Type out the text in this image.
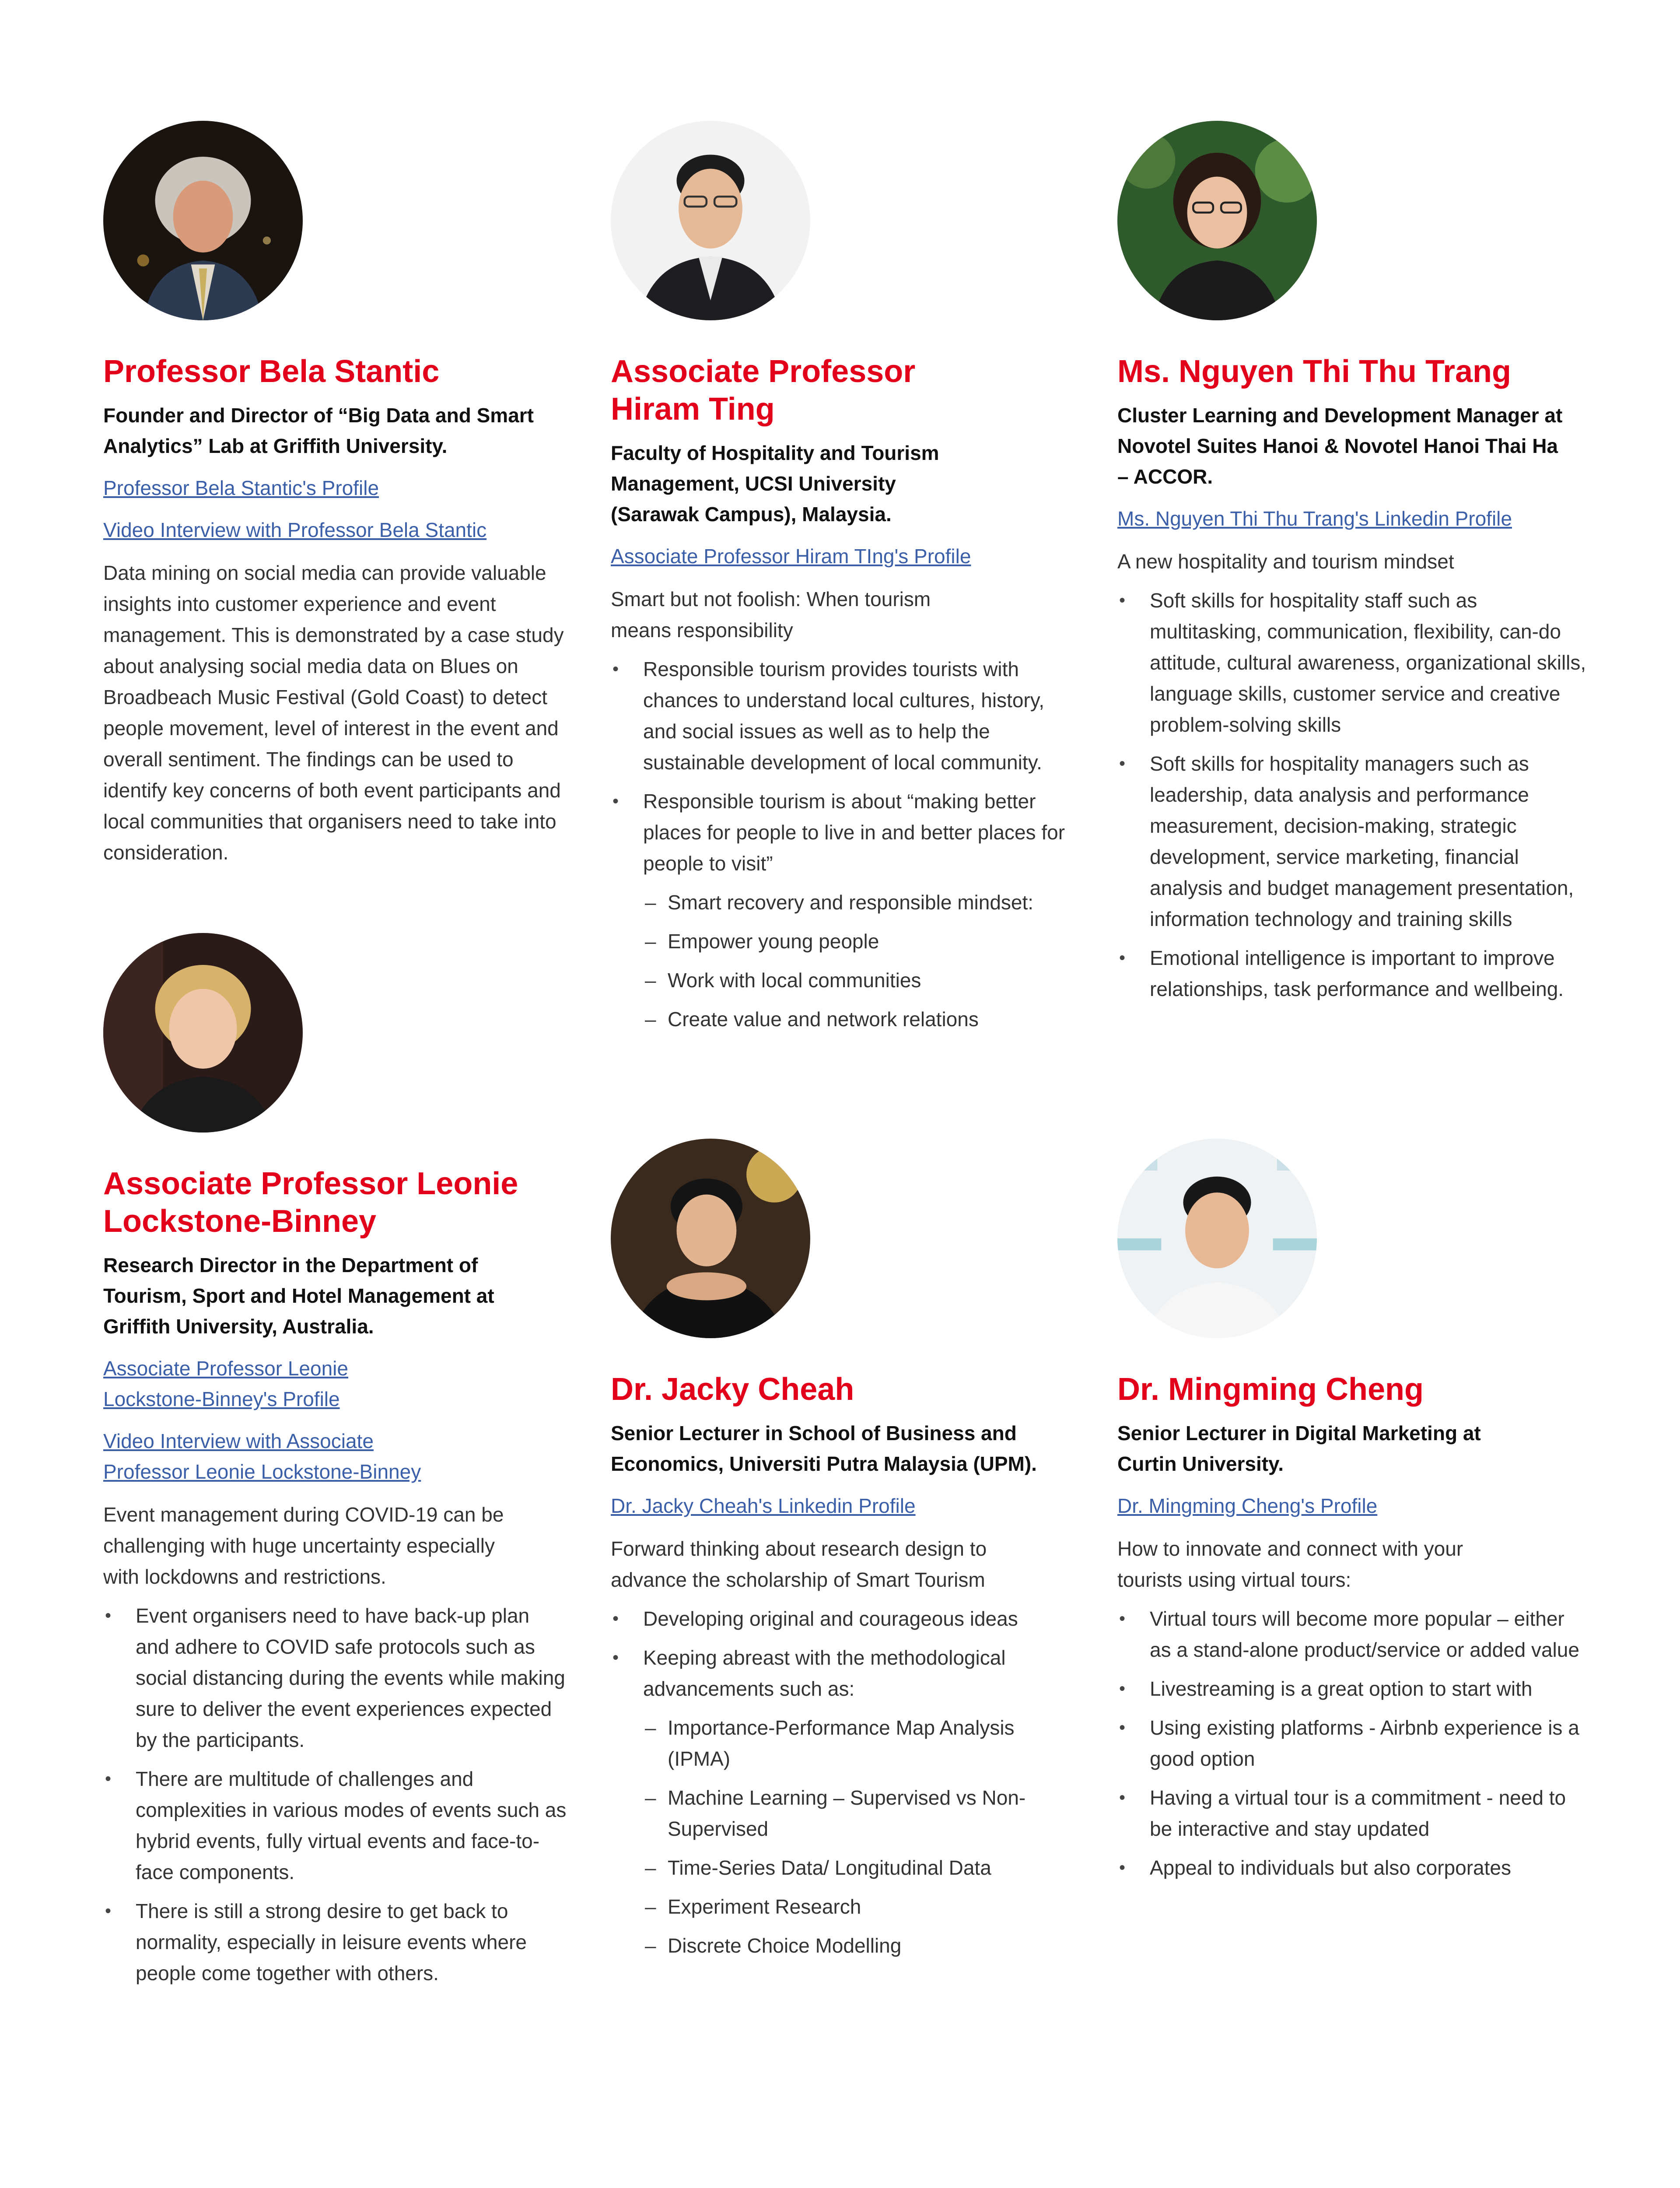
Professor Bela Stantic

Founder and Director of “Big Data and Smart Analytics” Lab at Griffith University.

Professor Bela Stantic's Profile
Video Interview with Professor Bela Stantic

Data mining on social media can provide valuable insights into customer experience and event management. This is demonstrated by a case study about analysing social media data on Blues on Broadbeach Music Festival (Gold Coast) to detect people movement, level of interest in the event and overall sentiment. The findings can be used to identify key concerns of both event participants and local communities that organisers need to take into consideration.

Associate Professor Hiram Ting

Faculty of Hospitality and Tourism Management, UCSI University (Sarawak Campus), Malaysia.

Associate Professor Hiram TIng's Profile

Smart but not foolish: When tourism means responsibility

• Responsible tourism provides tourists with chances to understand local cultures, history, and social issues as well as to help the sustainable development of local community.
• Responsible tourism is about “making better places for people to live in and better places for people to visit”
– Smart recovery and responsible mindset:
– Empower young people
– Work with local communities
– Create value and network relations
Ms. Nguyen Thi Thu Trang

Cluster Learning and Development Manager at Novotel Suites Hanoi & Novotel Hanoi Thai Ha – ACCOR.

Ms. Nguyen Thi Thu Trang's Linkedin Profile

A new hospitality and tourism mindset

• Soft skills for hospitality staff such as multitasking, communication, flexibility, can-do attitude, cultural awareness, organizational skills, language skills, customer service and creative problem-solving skills
• Soft skills for hospitality managers such as leadership, data analysis and performance measurement, decision-making, strategic development, service marketing, financial analysis and budget management presentation, information technology and training skills
• Emotional intelligence is important to improve relationships, task performance and wellbeing.
Associate Professor Leonie Lockstone-Binney

Research Director in the Department of Tourism, Sport and Hotel Management at Griffith University, Australia.

Associate Professor Leonie Lockstone-Binney's Profile
Video Interview with Associate Professor Leonie Lockstone-Binney

Event management during COVID-19 can be challenging with huge uncertainty especially with lockdowns and restrictions.

• Event organisers need to have back-up plan and adhere to COVID safe protocols such as social distancing during the events while making sure to deliver the event experiences expected by the participants.
• There are multitude of challenges and complexities in various modes of events such as hybrid events, fully virtual events and face-to-face components.
• There is still a strong desire to get back to normality, especially in leisure events where people come together with others.
Dr. Jacky Cheah

Senior Lecturer in School of Business and Economics, Universiti Putra Malaysia (UPM).

Dr. Jacky Cheah's Linkedin Profile

Forward thinking about research design to advance the scholarship of Smart Tourism

• Developing original and courageous ideas
• Keeping abreast with the methodological advancements such as:
– Importance-Performance Map Analysis (IPMA)
– Machine Learning – Supervised vs Non-Supervised
– Time-Series Data/ Longitudinal Data
– Experiment Research
– Discrete Choice Modelling
Dr. Mingming Cheng

Senior Lecturer in Digital Marketing at Curtin University.

Dr. Mingming Cheng's Profile

How to innovate and connect with your tourists using virtual tours:

• Virtual tours will become more popular – either as a stand-alone product/service or added value
• Livestreaming is a great option to start with
• Using existing platforms - Airbnb experience is a good option
• Having a virtual tour is a commitment - need to be interactive and stay updated
• Appeal to individuals but also corporates
